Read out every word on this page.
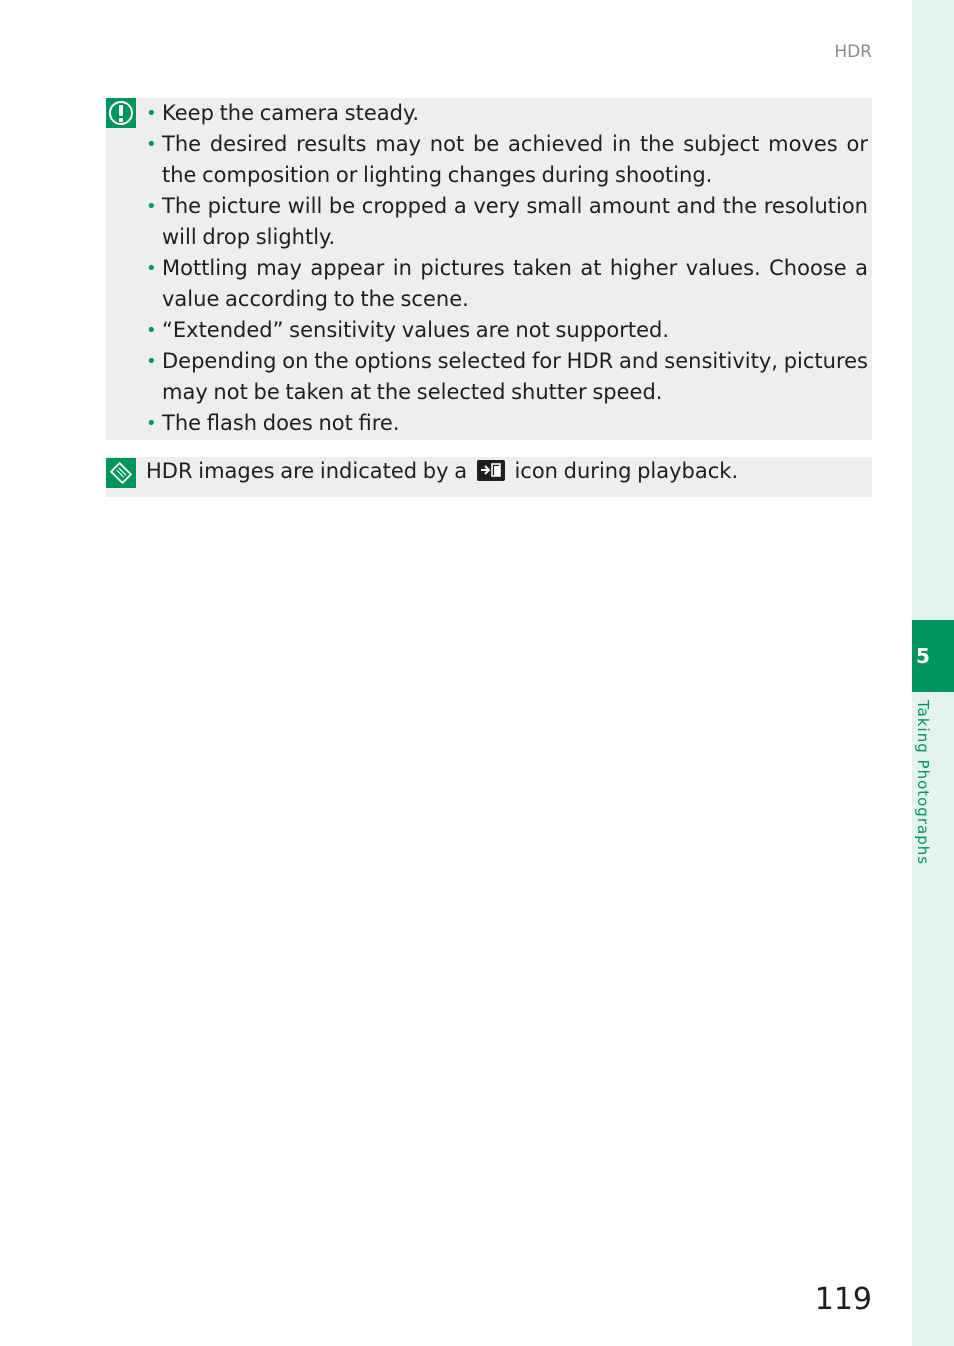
5
Taking Photographs
HDR
• Keep the camera steady.
• The desired results may not be achieved in the subject moves or the composition or lighting changes during shooting.
• The picture will be cropped a very small amount and the resolution will drop slightly.
• Mottling may appear in pictures taken at higher values. Choose a value according to the scene.
• “Extended” sensitivity values are not supported.
• Depending on the options selected for HDR and sensitivity, pictures may not be taken at the selected shutter speed.
• The flash does not fire.
HDR images are indicated by a icon during playback.
119
